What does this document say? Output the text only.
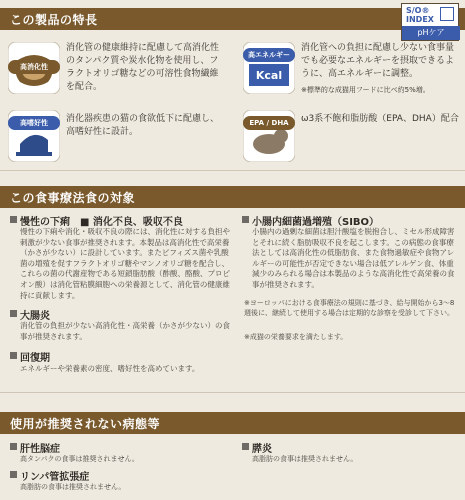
この製品の特長
S/O®
INDEX
pHケア
高消化性
消化管の健康維持に配慮して高消化性のタンパク質や炭水化物を使用し、フラクトオリゴ糖などの可溶性食物繊維を配合。
高エネルギー
Kcal
消化管への負担に配慮し少ない食事量でも必要なエネルギーを摂取できるように、高エネルギーに調整。
※標準的な成猫用フードに比べ約5%増。
高嗜好性	消化器疾患の猫の食欲低下に配慮し、高嗜好性に設計。
EPA / DHA	ω3系不飽和脂肪酸（EPA、DHA）配合
この食事療法食の対象
慢性の下痢　■ 消化不良、吸収不良
慢性の下痢や消化・吸収不良の際には、消化性に対する負担や刺激が少ない食事が推奨されます。本製品は高消化性で高栄養（かさが少ない）に設計しています。またビフィズス菌や乳酸菌の増殖を促すフラクトオリゴ糖やマンノオリゴ糖を配合し、これらの菌の代謝産物である短鎖脂肪酸（酢酸、酪酸、プロピオン酸）は消化管粘膜細胞への栄養源として、消化管の健康維持に貢献します。
大腸炎
消化管の負担が少ない高消化性・高栄養（かさが少ない）の食事が推奨されます。
回復期
エネルギーや栄養素の密度、嗜好性を高めています。
小腸内細菌過増殖（SIBO）
小腸内の過剰な細菌は胆汁酸塩を脱抱合し、ミセル形成障害とそれに続く脂肪吸収不良を起こします。この病態の食事療法としては高消化性の低脂肪食、また食物過敏症や食物アレルギーの可能性が否定できない場合は低アレルゲン食、体重減少のみられる場合は本製品のような高消化性で高栄養の食事が推奨されます。
※ヨーロッパにおける食事療法の規則に基づき、給与開始から3〜8週後に、継続して使用する場合は定期的な診察を受診して下さい。
※成猫の栄養要求を満たします。
使用が推奨されない病態等
肝性脳症
高タンパクの食事は推奨されません。
膵炎
高脂肪の食事は推奨されません。
リンパ管拡張症
高脂肪の食事は推奨されません。
